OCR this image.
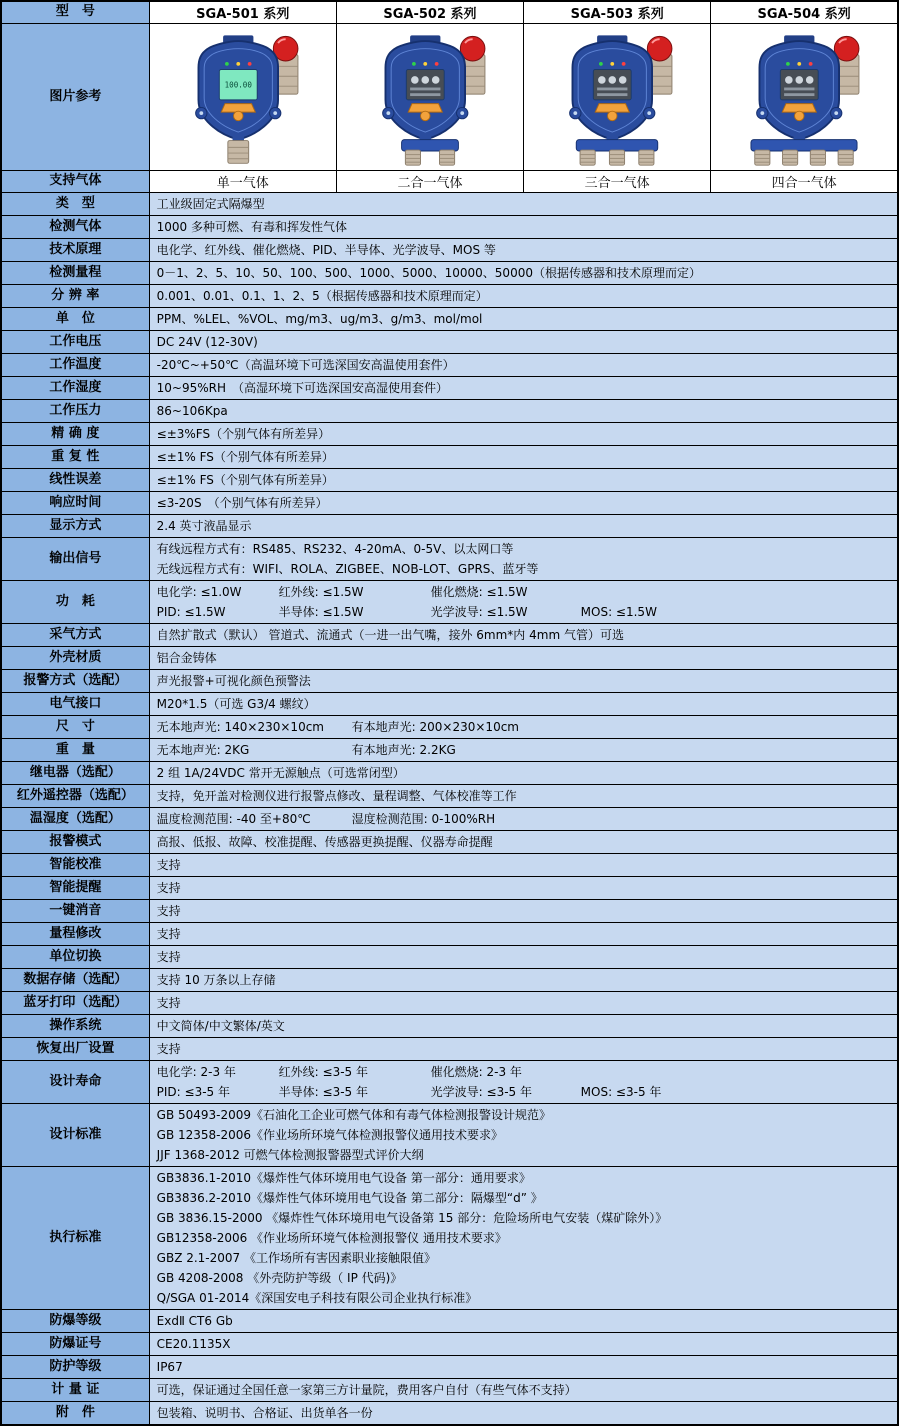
型　号	SGA-501 系列	SGA-502 系列	SGA-503 系列	SGA-504 系列
图片参考	100.00

支持气体	单一气体	二合一气体	三合一气体	四合一气体
类　型	工业级固定式隔爆型			

检测气体	1000 多种可燃、有毒和挥发性气体			

技术原理	电化学、红外线、催化燃烧、PID、半导体、光学波导、MOS 等			

检测量程	0－1、2、5、10、50、100、500、1000、5000、10000、50000（根据传感器和技术原理而定）			

分 辨 率	0.001、0.01、0.1、1、2、5（根据传感器和技术原理而定）			

单　位	PPM、%LEL、%VOL、mg/m3、ug/m3、g/m3、mol/mol			

工作电压	DC 24V (12-30V)			

工作温度	-20℃~+50℃（高温环境下可选深国安高温使用套件）			

工作湿度	10~95%RH　（高湿环境下可选深国安高湿使用套件）			

工作压力	86~106Kpa			

精 确 度	≤±3%FS（个别气体有所差异）			

重 复 性	≤±1% FS（个别气体有所差异）			

线性误差	≤±1% FS（个别气体有所差异）			

响应时间	≤3-20S　（个别气体有所差异）			

显示方式	2.4 英寸液晶显示			

输出信号	有线远程方式有：RS485、RS232、4-20mA、0-5V、以太网口等
无线远程方式有：WIFI、ROLA、ZIGBEE、NOB-LOT、GPRS、蓝牙等			

功　耗	电化学: ≤1.0W 红外线: ≤1.5W 催化燃烧: ≤1.5W
PID: ≤1.5W 半导体: ≤1.5W 光学波导: ≤1.5W MOS: ≤1.5W			

采气方式	自然扩散式（默认） 管道式、流通式（一进一出气嘴，接外 6mm*内 4mm 气管）可选			

外壳材质	铝合金铸体			

报警方式（选配）	声光报警+可视化颜色预警法			

电气接口	M20*1.5（可选 G3/4 螺纹）			

尺　寸	无本地声光: 140×230×10cm 有本地声光: 200×230×10cm			

重　量	无本地声光: 2KG 有本地声光: 2.2KG			

继电器（选配）	2 组 1A/24VDC 常开无源触点（可选常闭型）			

红外遥控器（选配）	支持，免开盖对检测仪进行报警点修改、量程调整、气体校准等工作			

温湿度（选配）	温度检测范围: -40 至+80℃ 湿度检测范围: 0-100%RH			

报警模式	高报、低报、故障、校准提醒、传感器更换提醒、仪器寿命提醒			

智能校准	支持			

智能提醒	支持			

一键消音	支持			

量程修改	支持			

单位切换	支持			

数据存储（选配）	支持 10 万条以上存储			

蓝牙打印（选配）	支持			

操作系统	中文简体/中文繁体/英文			

恢复出厂设置	支持			

设计寿命	电化学: 2-3 年 红外线: ≤3-5 年 催化燃烧: 2-3 年
PID: ≤3-5 年 半导体: ≤3-5 年 光学波导: ≤3-5 年 MOS: ≤3-5 年			

设计标准	GB 50493-2009《石油化工企业可燃气体和有毒气体检测报警设计规范》
GB 12358-2006《作业场所环境气体检测报警仪通用技术要求》
JJF 1368-2012 可燃气体检测报警器型式评价大纲			

执行标准	
GB3836.1-2010《爆炸性气体环境用电气设备 第一部分：通用要求》
GB3836.2-2010《爆炸性气体环境用电气设备 第二部分：隔爆型“d” 》
GB 3836.15-2000 《爆炸性气体环境用电气设备第 15 部分：危险场所电气安装（煤矿除外）》
GB12358-2006 《作业场所环境气体检测报警仪 通用技术要求》
GBZ 2.1-2007 《工作场所有害因素职业接触限值》
GB 4208-2008 《外壳防护等级（ IP 代码)》
Q/SGA 01-2014《深国安电子科技有限公司企业执行标准》

防爆等级	ExdⅡ CT6 Gb			

防爆证号	CE20.1135X			

防护等级	IP67			

计 量 证	可选，保证通过全国任意一家第三方计量院，费用客户自付（有些气体不支持）			

附　件	包装箱、说明书、合格证、出货单各一份			
